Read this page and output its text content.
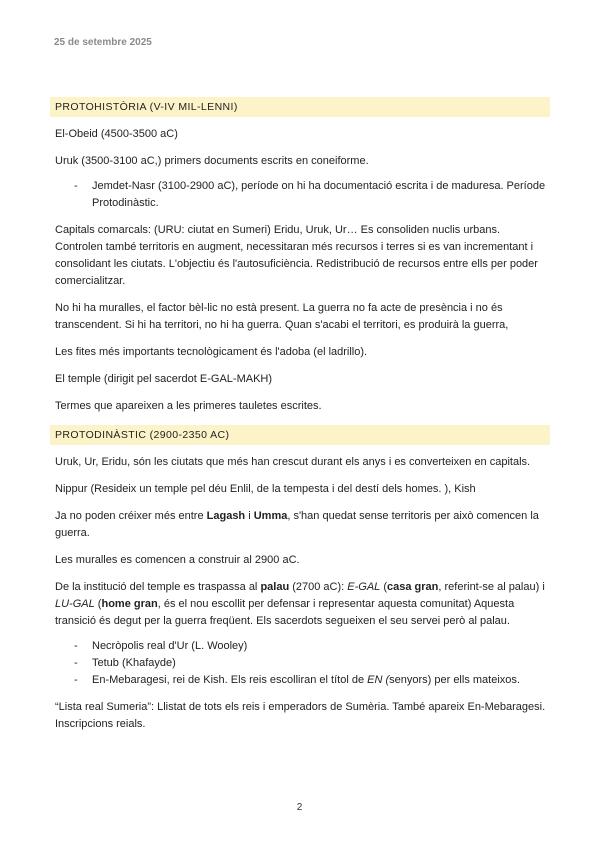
25 de setembre 2025
PROTOHISTÒRIA (V-IV MIL-LENNI)

El-Obeid (4500-3500 aC)

Uruk (3500-3100 aC,) primers documents escrits en coneiforme.

- Jemdet-Nasr (3100-2900 aC), període on hi ha documentació escrita i de maduresa. Període Protodinàstic.

Capitals comarcals: (URU: ciutat en Sumeri) Eridu, Uruk, Ur… Es consoliden nuclis urbans. Controlen també territoris en augment, necessitaran més recursos i terres si es van incrementant i consolidant les ciutats. L'objectiu és l'autosuficiència. Redistribució de recursos entre ells per poder comercialitzar.

No hi ha muralles, el factor bèl-lic no està present. La guerra no fa acte de presència i no és transcendent. Si hi ha territori, no hi ha guerra. Quan s'acabi el territori, es produirà la guerra,

Les fites més importants tecnològicament és l'adoba (el ladrillo).

El temple (dirigit pel sacerdot E-GAL-MAKH)

Termes que apareixen a les primeres tauletes escrites.

PROTODINÀSTIC (2900-2350 AC)

Uruk, Ur, Eridu, són les ciutats que més han crescut durant els anys i es converteixen en capitals.

Nippur (Resideix un temple pel déu Enlil, de la tempesta i del destí dels homes. ), Kish

Ja no poden créixer més entre Lagash i Umma, s'han quedat sense territoris per això comencen la guerra.

Les muralles es comencen a construir al 2900 aC.

De la institució del temple es traspassa al palau (2700 aC): E-GAL (casa gran, referint-se al palau) i LU-GAL (home gran, és el nou escollit per defensar i representar aquesta comunitat) Aquesta transició és degut per la guerra freqüent. Els sacerdots segueixen el seu servei però al palau.

- Necròpolis real d'Ur (L. Wooley)
- Tetub (Khafayde)
- En-Mebaragesi, rei de Kish. Els reis escolliran el títol de EN (senyors) per ells mateixos.

“Lista real Sumeria”: Llistat de tots els reis i emperadors de Sumèria. També apareix En-Mebaragesi. Inscripcions reials.

2
